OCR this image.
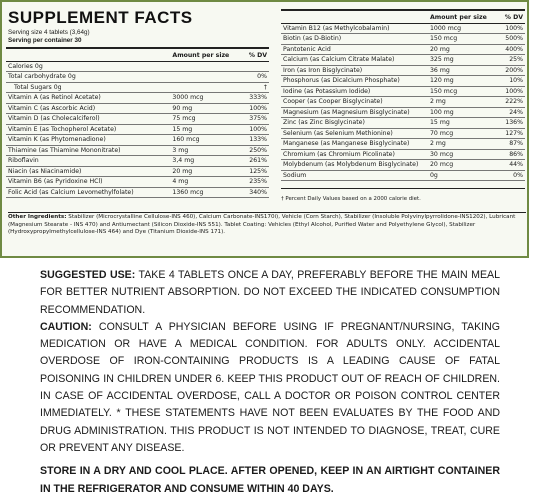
SUPPLEMENT FACTS
Serving size 4 tablets (3,64g)
Serving per container 30
	Amount per size	% DV
Calories 0g		
Total carbohydrate 0g		0%
Total Sugars 0g		†
Vitamin A (as Retinol Acetate)	3000 mcg	333%
Vitamin C (as Ascorbic Acid)	90 mg	100%
Vitamin D (as Cholecalciferol)	75 mcg	375%
Vitamin E (as Tochopherol Acetate)	15 mg	100%
Vitamin K (as Phytomenadione)	160 mcg	133%
Thiamine (as Thiamine Mononitrate)	3 mg	250%
Riboflavin	3,4 mg	261%
Niacin (as Niacinamide)	20 mg	125%
Vitamin B6 (as Pyridoxine HCl)	4 mg	235%
Folic Acid (as Calcium Levomethylfolate)	1360 mcg	340%
	Amount per size	% DV
Vitamin B12 (as Methylcobalamin)	1000 mcg	100%
Biotin (as D-Biotin)	150 mcg	500%
Pantotenic Acid	20 mg	400%
Calcium (as Calcium Citrate Malate)	325 mg	25%
Iron (as Iron Bisglycinate)	36 mg	200%
Phosphorus (as Dicalcium Phosphate)	120 mg	10%
Iodine (as Potassium Iodide)	150 mcg	100%
Cooper (as Cooper Bisglycinate)	2 mg	222%
Magnesium (as Magnesium Bisglycinate)	100 mg	24%
Zinc (as Zinc Bisglycinate)	15 mg	136%
Selenium (as Selenium Methionine)	70 mcg	127%
Manganese (as Manganese Bisglycinate)	2 mg	87%
Chromium (as Chromium Picolinate)	30 mcg	86%
Molybdenum (as Molybdenum Bisglycinate)	20 mcg	44%
Sodium	0g	0%
† Percent Daily Values based on a 2000 calorie diet.
Other Ingredients: Stabilizer (Microcrystalline Cellulose-INS 460), Calcium Carbonate-INS170i), Vehicle (Corn Starch), Stabilizer (Insoluble Polyvinylpyrrolidone-INS1202), Lubricant (Magnesium Stearate - INS 470) and Antiumectant (Silicon Dioxide-INS 551). Tablet Coating: Vehicles (Ethyl Alcohol, Purified Water and Polyethylene Glycol), Stabilizer (Hydroxypropylmethylcellulose-INS 464) and Dye (Titanium Dioxide-INS 171).

SUGGESTED USE: TAKE 4 TABLETS ONCE A DAY, PREFERABLY BEFORE THE MAIN MEAL FOR BETTER NUTRIENT ABSORPTION. DO NOT EXCEED THE INDICATED CONSUMPTION RECOMMENDATION.

CAUTION: CONSULT A PHYSICIAN BEFORE USING IF PREGNANT/NURSING, TAKING MEDICATION OR HAVE A MEDICAL CONDITION. FOR ADULTS ONLY. ACCIDENTAL OVERDOSE OF IRON-CONTAINING PRODUCTS IS A LEADING CAUSE OF FATAL POISONING IN CHILDREN UNDER 6. KEEP THIS PRODUCT OUT OF REACH OF CHILDREN. IN CASE OF ACCIDENTAL OVERDOSE, CALL A DOCTOR OR POISON CONTROL CENTER IMMEDIATELY. * THESE STATEMENTS HAVE NOT BEEN EVALUATES BY THE FOOD AND DRUG ADMINISTRATION. THIS PRODUCT IS NOT INTENDED TO DIAGNOSE, TREAT, CURE OR PREVENT ANY DISEASE.

STORE IN A DRY AND COOL PLACE. AFTER OPENED, KEEP IN AN AIRTIGHT CONTAINER IN THE REFRIGERATOR AND CONSUME WITHIN 40 DAYS.
